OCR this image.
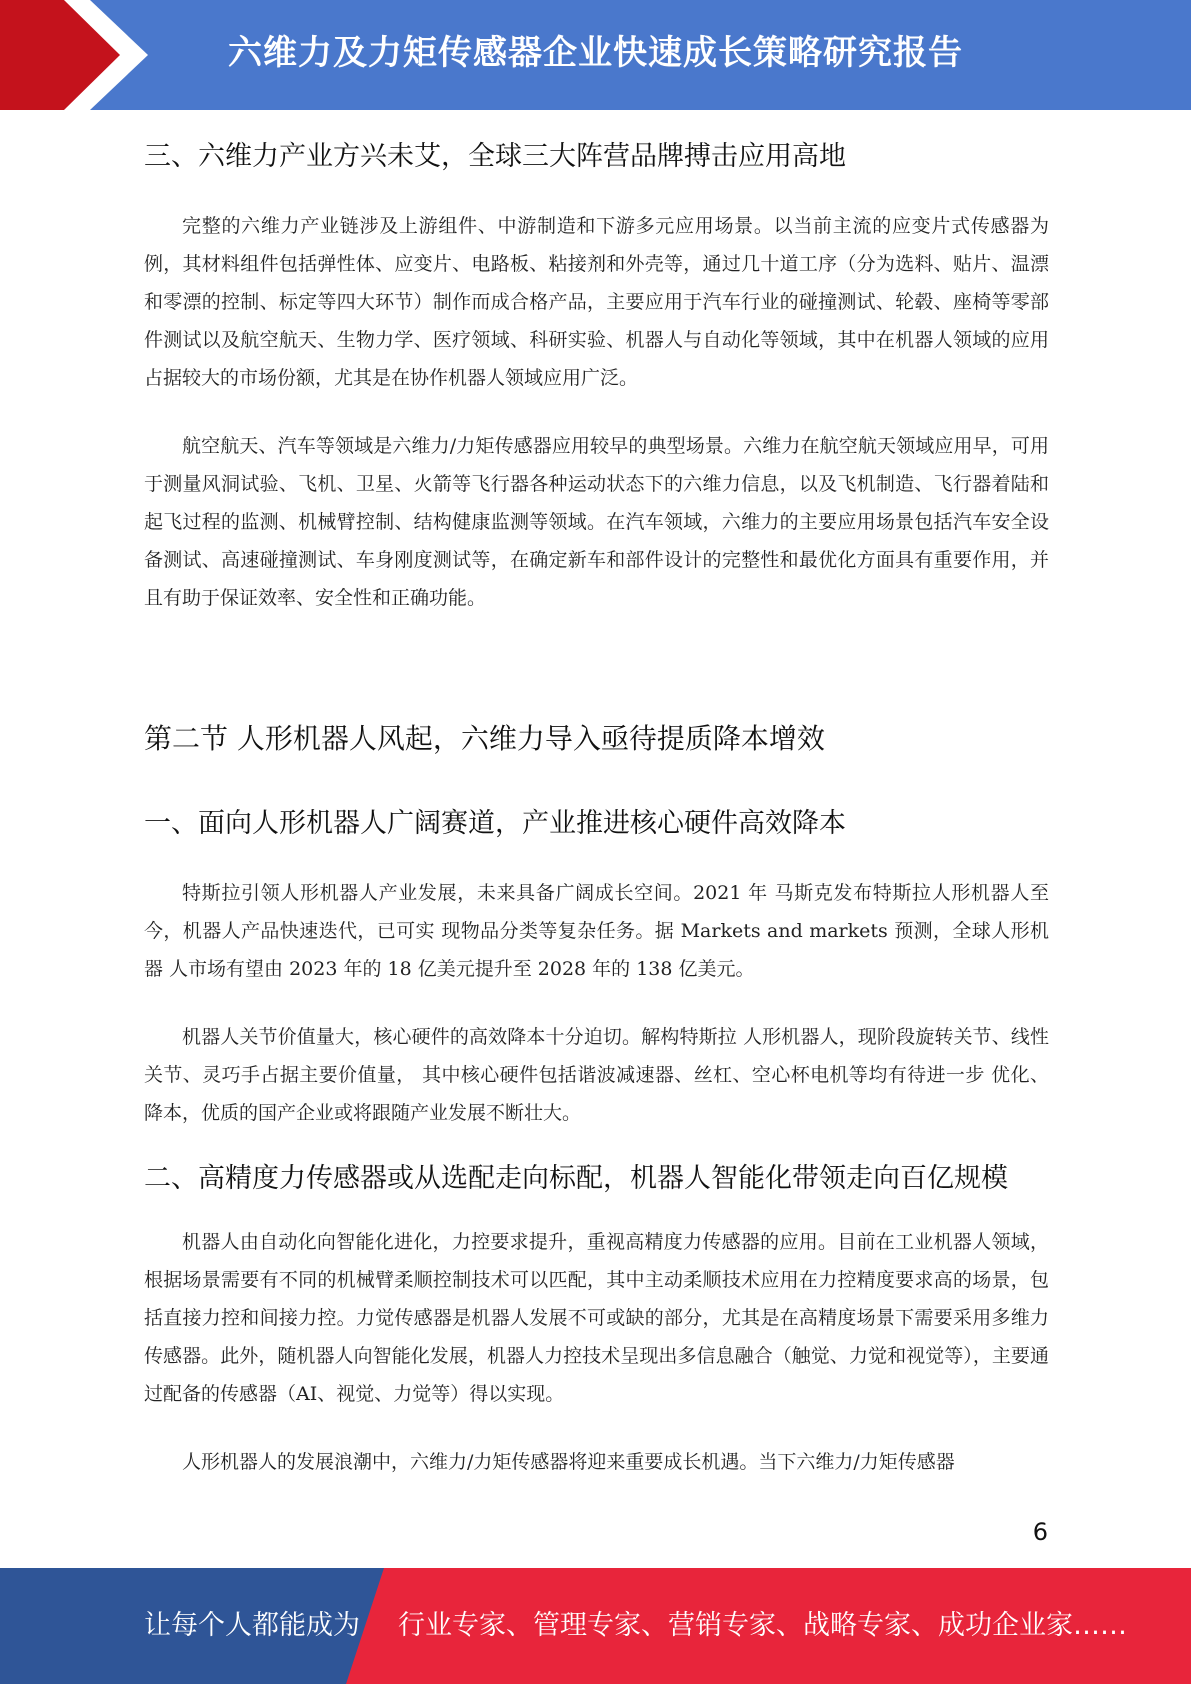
六维力及力矩传感器企业快速成长策略研究报告
三、六维力产业方兴未艾，全球三大阵营品牌搏击应用高地

完整的六维力产业链涉及上游组件、中游制造和下游多元应用场景。以当前主流的应变片式传感器为例，其材料组件包括弹性体、应变片、电路板、粘接剂和外壳等，通过几十道工序（分为选料、贴片、温漂和零漂的控制、标定等四大环节）制作而成合格产品，主要应用于汽车行业的碰撞测试、轮毂、座椅等零部件测试以及航空航天、生物力学、医疗领域、科研实验、机器人与自动化等领域，其中在机器人领域的应用占据较大的市场份额，尤其是在协作机器人领域应用广泛。

航空航天、汽车等领域是六维力/力矩传感器应用较早的典型场景。六维力在航空航天领域应用早，可用于测量风洞试验、飞机、卫星、火箭等飞行器各种运动状态下的六维力信息，以及飞机制造、飞行器着陆和起飞过程的监测、机械臂控制、结构健康监测等领域。在汽车领域，六维力的主要应用场景包括汽车安全设备测试、高速碰撞测试、车身刚度测试等，在确定新车和部件设计的完整性和最优化方面具有重要作用，并且有助于保证效率、安全性和正确功能。

第二节 人形机器人风起，六维力导入亟待提质降本增效
一、面向人形机器人广阔赛道，产业推进核心硬件高效降本

特斯拉引领人形机器人产业发展，未来具备广阔成长空间。2021 年 马斯克发布特斯拉人形机器人至今，机器人产品快速迭代，已可实 现物品分类等复杂任务。据 Markets and markets 预测，全球人形机器 人市场有望由 2023 年的 18 亿美元提升至 2028 年的 138 亿美元。

机器人关节价值量大，核心硬件的高效降本十分迫切。解构特斯拉 人形机器人，现阶段旋转关节、线性关节、灵巧手占据主要价值量， 其中核心硬件包括谐波减速器、丝杠、空心杯电机等均有待进一步 优化、降本，优质的国产企业或将跟随产业发展不断壮大。

二、高精度力传感器或从选配走向标配，机器人智能化带领走向百亿规模

机器人由自动化向智能化进化，力控要求提升，重视高精度力传感器的应用。目前在工业机器人领域，根据场景需要有不同的机械臂柔顺控制技术可以匹配，其中主动柔顺技术应用在力控精度要求高的场景，包括直接力控和间接力控。力觉传感器是机器人发展不可或缺的部分，尤其是在高精度场景下需要采用多维力传感器。此外，随机器人向智能化发展，机器人力控技术呈现出多信息融合（触觉、力觉和视觉等），主要通过配备的传感器（AI、视觉、力觉等）得以实现。

人形机器人的发展浪潮中，六维力/力矩传感器将迎来重要成长机遇。当下六维力/力矩传感器

6
让每个人都能成为 行业专家、管理专家、营销专家、战略专家、成功企业家……
